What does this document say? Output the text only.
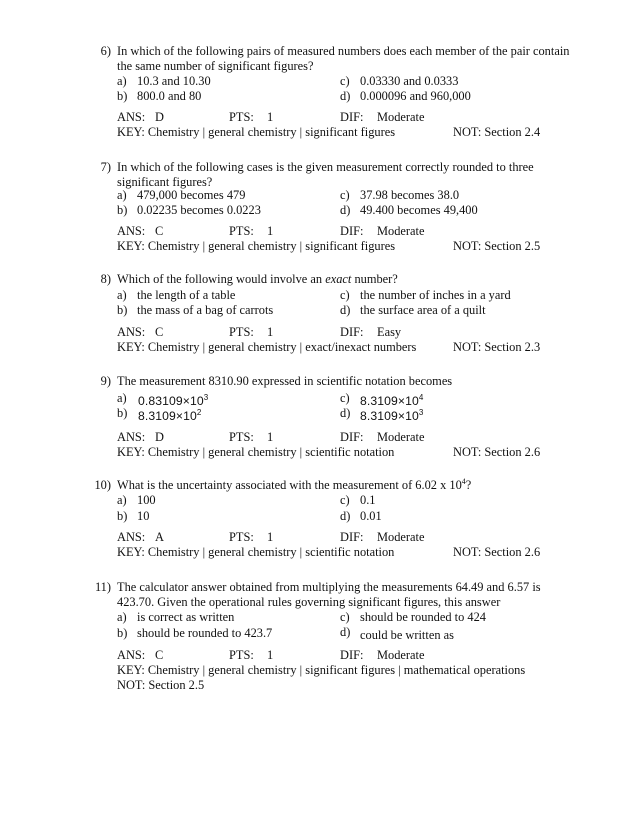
6) In which of the following pairs of measured numbers does each member of the pair contain
the same number of significant figures?
a) 10.3 and 10.30	c) 0.03330 and 0.0333
b) 800.0 and 80	d) 0.000096 and 960,000
ANS: D	PTS: 1	DIF: Moderate
KEY: Chemistry | general chemistry | significant figures	NOT: Section 2.4
7) In which of the following cases is the given measurement correctly rounded to three
significant figures?
a) 479,000 becomes 479	c) 37.98 becomes 38.0
b) 0.02235 becomes 0.0223	d) 49.400 becomes 49,400
ANS: C	PTS: 1	DIF: Moderate
KEY: Chemistry | general chemistry | significant figures	NOT: Section 2.5
8) Which of the following would involve an exact number?
a) the length of a table	c) the number of inches in a yard
b) the mass of a bag of carrots	d) the surface area of a quilt
ANS: C	PTS: 1	DIF: Easy
KEY: Chemistry | general chemistry | exact/inexact numbers	NOT: Section 2.3
9) The measurement 8310.90 expressed in scientific notation becomes
a) $0.83109\times 10^3$	c) $8.3109\times 10^4$
b) $8.3109\times 10^2$	d) $8.3109\times 10^3$
ANS: D	PTS: 1	DIF: Moderate
KEY: Chemistry | general chemistry | scientific notation	NOT: Section 2.6
10) What is the uncertainty associated with the measurement of 6.02 x $10^4$?
a) 100	c) 0.1
b) 10	d) 0.01
ANS: A	PTS: 1	DIF: Moderate
KEY: Chemistry | general chemistry | scientific notation	NOT: Section 2.6
11) The calculator answer obtained from multiplying the measurements 64.49 and 6.57 is
423.70. Given the operational rules governing significant figures, this answer
a) is correct as written	c) should be rounded to 424
b) should be rounded to 423.7	d) could be written as
ANS: C	PTS: 1	DIF: Moderate
KEY: Chemistry | general chemistry | significant figures | mathematical operations
NOT: Section 2.5
